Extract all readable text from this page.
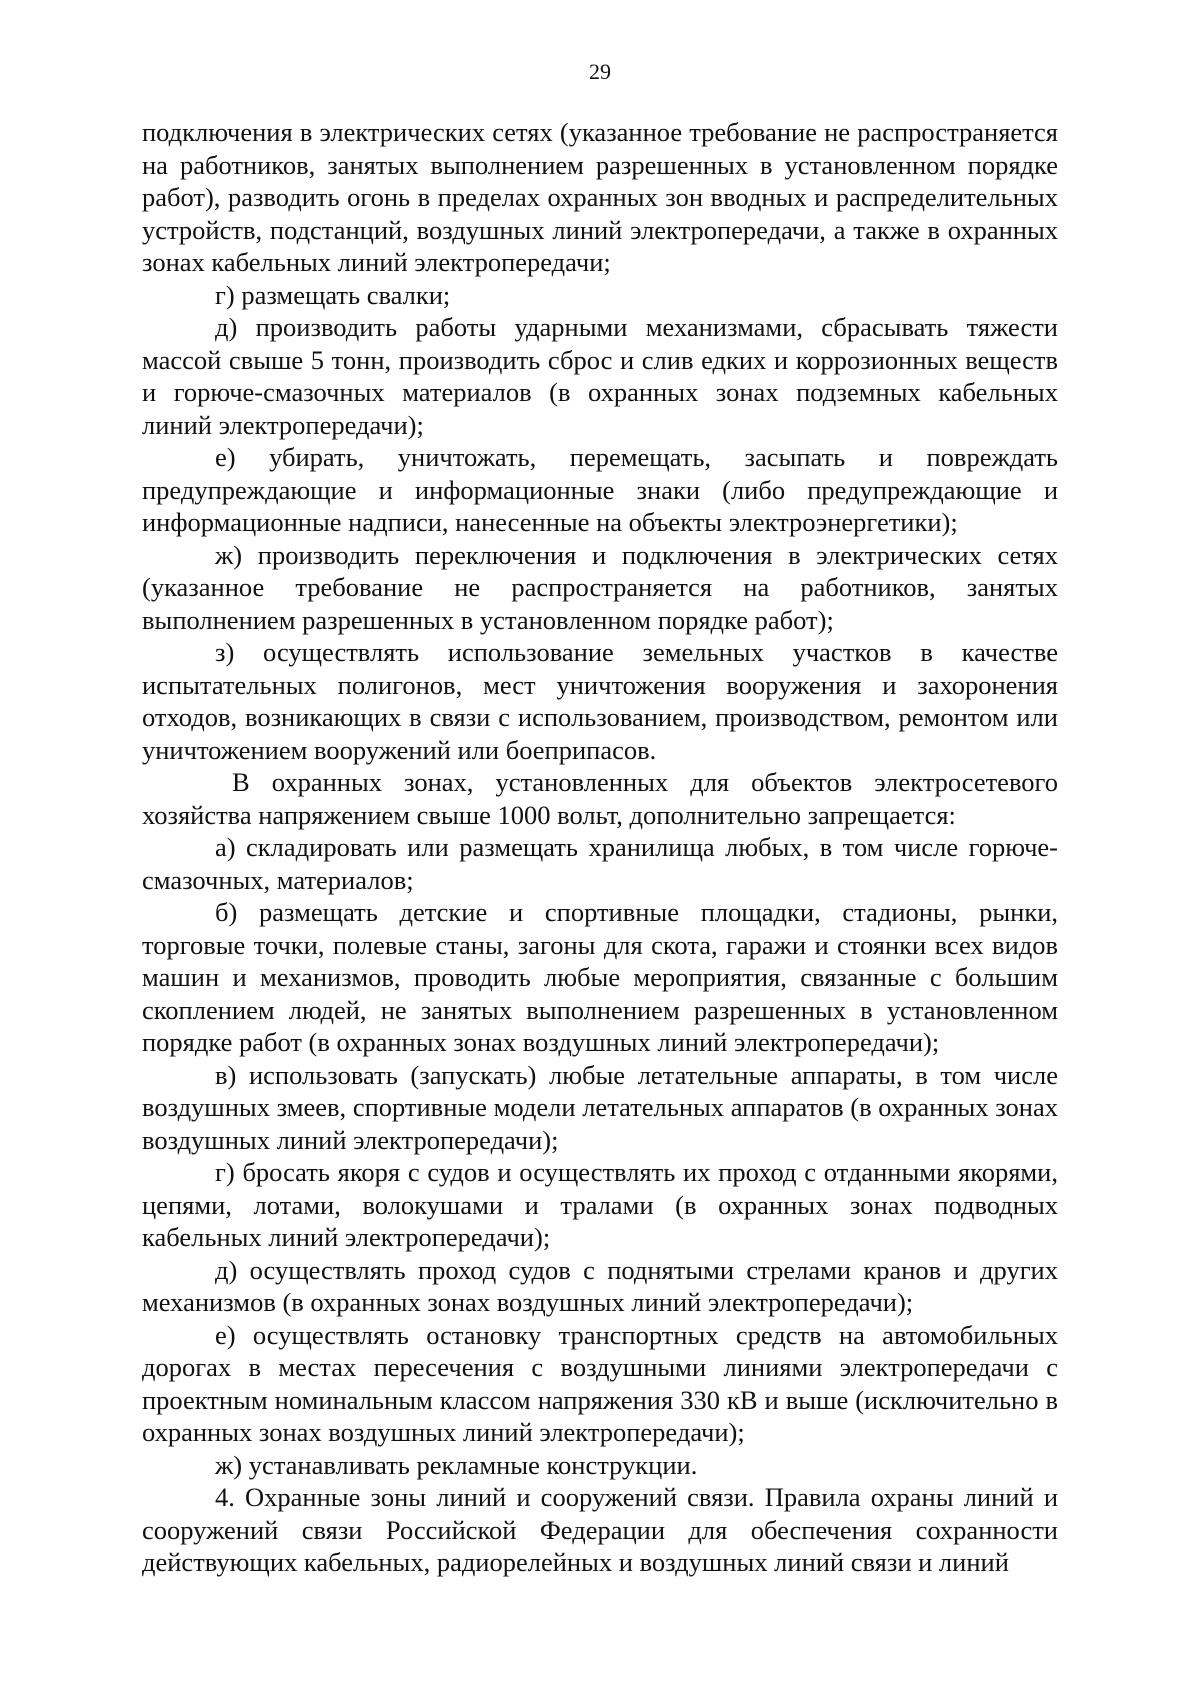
29

подключения в электрических сетях (указанное требование не распространяется на работников, занятых выполнением разрешенных в установленном порядке работ), разводить огонь в пределах охранных зон вводных и распределительных устройств, подстанций, воздушных линий электропередачи, а также в охранных зонах кабельных линий электропередачи;

г) размещать свалки;

д) производить работы ударными механизмами, сбрасывать тяжести массой свыше 5 тонн, производить сброс и слив едких и коррозионных веществ и горюче-смазочных материалов (в охранных зонах подземных кабельных линий электропередачи);

е) убирать, уничтожать, перемещать, засыпать и повреждать предупреждающие и информационные знаки (либо предупреждающие и информационные надписи, нанесенные на объекты электроэнергетики);

ж) производить переключения и подключения в электрических сетях (указанное требование не распространяется на работников, занятых выполнением разрешенных в установленном порядке работ);

з) осуществлять использование земельных участков в качестве испытательных полигонов, мест уничтожения вооружения и захоронения отходов, возникающих в связи с использованием, производством, ремонтом или уничтожением вооружений или боеприпасов.

В охранных зонах, установленных для объектов электросетевого хозяйства напряжением свыше 1000 вольт, дополнительно запрещается:

а) складировать или размещать хранилища любых, в том числе горюче-смазочных, материалов;

б) размещать детские и спортивные площадки, стадионы, рынки, торговые точки, полевые станы, загоны для скота, гаражи и стоянки всех видов машин и механизмов, проводить любые мероприятия, связанные с большим скоплением людей, не занятых выполнением разрешенных в установленном порядке работ (в охранных зонах воздушных линий электропередачи);

в) использовать (запускать) любые летательные аппараты, в том числе воздушных змеев, спортивные модели летательных аппаратов (в охранных зонах воздушных линий электропередачи);

г) бросать якоря с судов и осуществлять их проход с отданными якорями, цепями, лотами, волокушами и тралами (в охранных зонах подводных кабельных линий электропередачи);

д) осуществлять проход судов с поднятыми стрелами кранов и других механизмов (в охранных зонах воздушных линий электропередачи);

е) осуществлять остановку транспортных средств на автомобильных дорогах в местах пересечения с воздушными линиями электропередачи с проектным номинальным классом напряжения 330 кВ и выше (исключительно в охранных зонах воздушных линий электропередачи);

ж) устанавливать рекламные конструкции.

4. Охранные зоны линий и сооружений связи. Правила охраны линий и сооружений связи Российской Федерации для обеспечения сохранности действующих кабельных, радиорелейных и воздушных линий связи и линий
